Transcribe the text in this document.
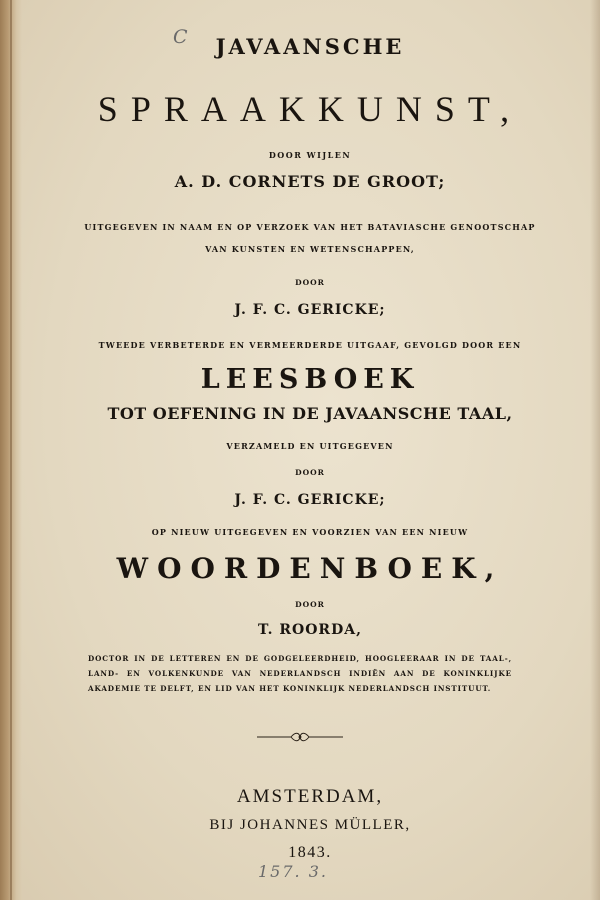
C	JAVAANSCHE
SPRAAKKUNST,
DOOR WIJLEN
A. D. CORNETS DE GROOT;
UITGEGEVEN IN NAAM EN OP VERZOEK VAN HET BATAVIASCHE GENOOTSCHAP
VAN KUNSTEN EN WETENSCHAPPEN,
DOOR
J. F. C. GERICKE;
TWEEDE VERBETERDE EN VERMEERDERDE UITGAAF, GEVOLGD DOOR EEN
LEESBOEK
TOT OEFENING IN DE JAVAANSCHE TAAL,
VERZAMELD EN UITGEGEVEN
DOOR
J. F. C. GERICKE;
OP NIEUW UITGEGEVEN EN VOORZIEN VAN EEN NIEUW
WOORDENBOEK,
DOOR
T. ROORDA,
DOCTOR IN DE LETTEREN EN DE GODGELEERDHEID, HOOGLEERAAR IN DE TAAL-, LAND- EN VOLKENKUNDE VAN NEDERLANDSCH INDIËN AAN DE KONINKLIJKE AKADEMIE TE DELFT, EN LID VAN HET KONINKLIJK NEDERLANDSCH INSTITUUT.
AMSTERDAM,
BIJ JOHANNES MÜLLER,
1843.
157. 3.
